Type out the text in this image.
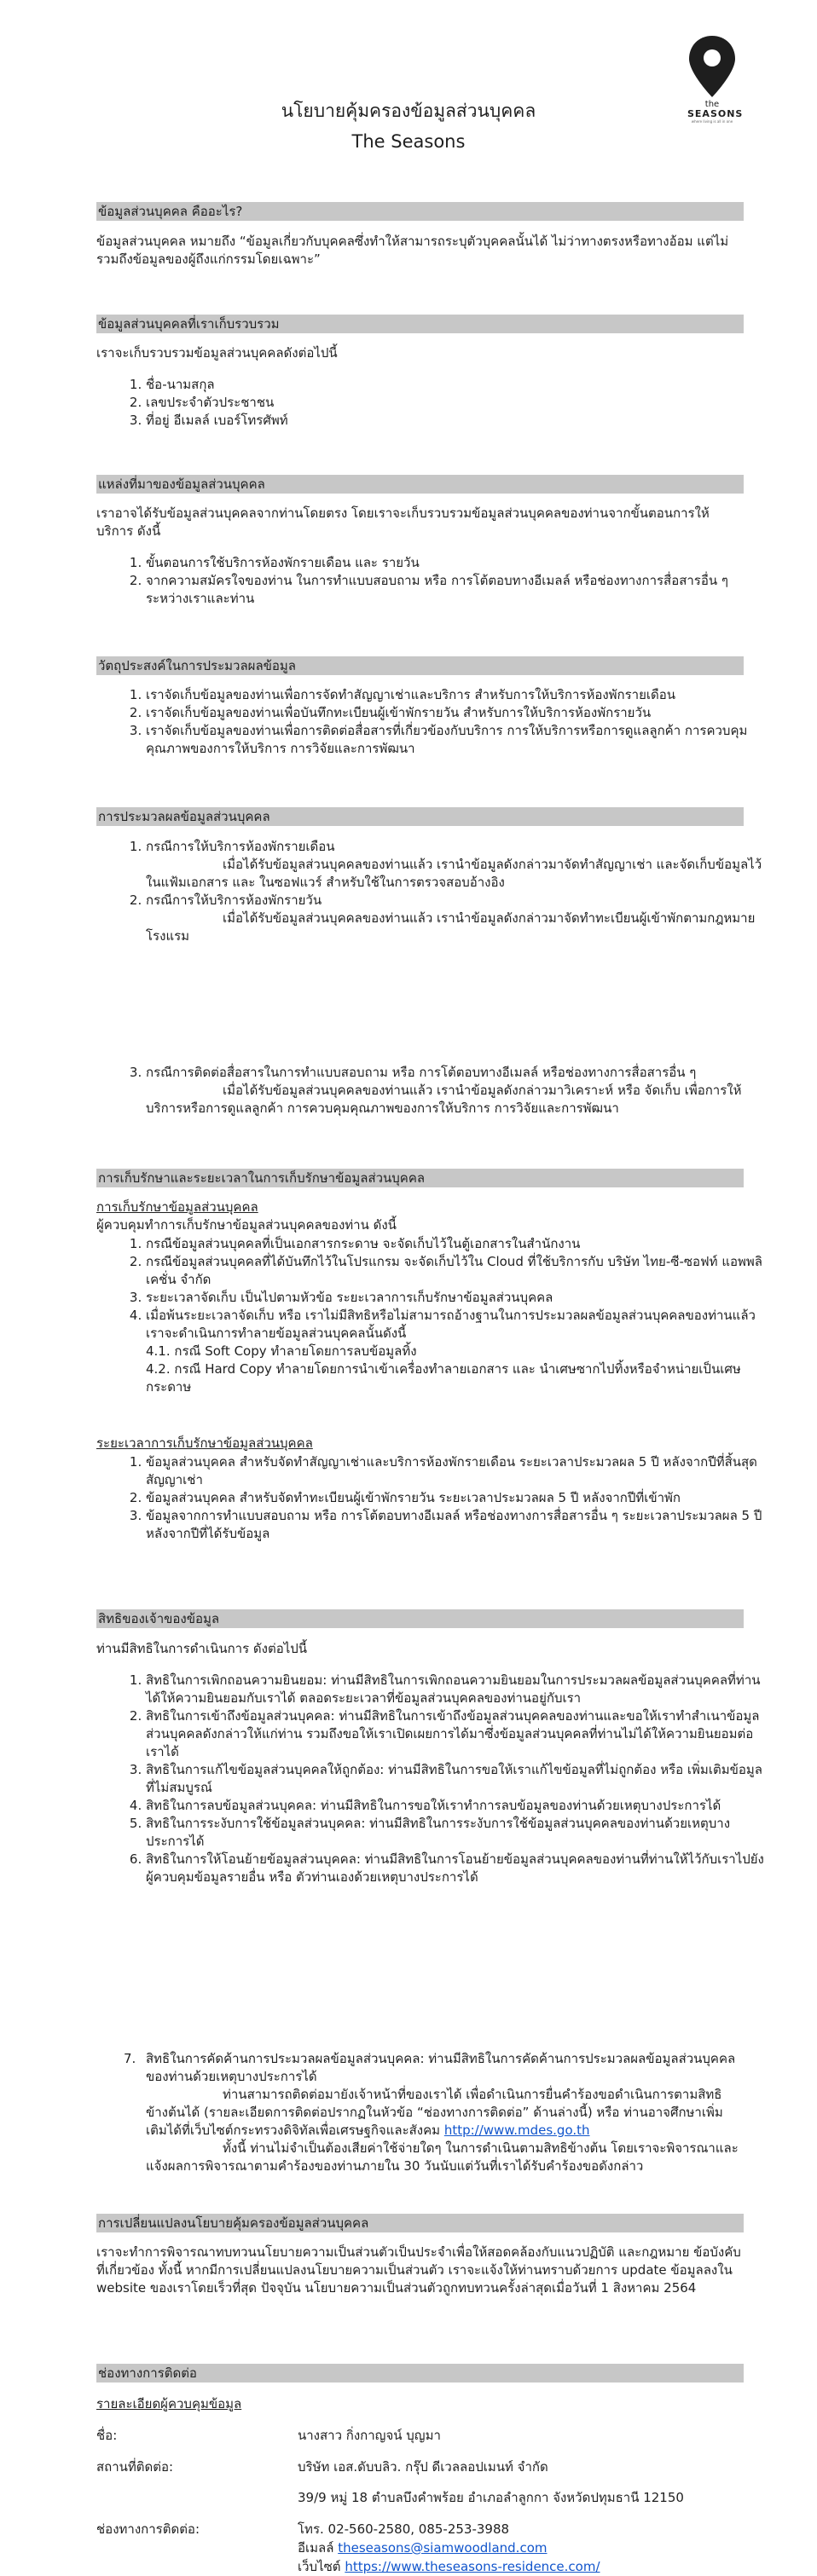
the
SEASONS
where living is all in one
นโยบายคุ้มครองข้อมูลส่วนบุคคล
The Seasons
ข้อมูลส่วนบุคคล คืออะไร?
ข้อมูลส่วนบุคคล หมายถึง “ข้อมูลเกี่ยวกับบุคคลซึ่งทำให้สามารถระบุตัวบุคคลนั้นได้ ไม่ว่าทางตรงหรือทางอ้อม แต่ไม่รวมถึงข้อมูลของผู้ถึงแก่กรรมโดยเฉพาะ”
ข้อมูลส่วนบุคคลที่เราเก็บรวบรวม
เราจะเก็บรวบรวมข้อมูลส่วนบุคคลดังต่อไปนี้
1. ชื่อ-นามสกุล
2. เลขประจำตัวประชาชน
3. ที่อยู่ อีเมลล์ เบอร์โทรศัพท์
แหล่งที่มาของข้อมูลส่วนบุคคล
เราอาจได้รับข้อมูลส่วนบุคคลจากท่านโดยตรง โดยเราจะเก็บรวบรวมข้อมูลส่วนบุคคลของท่านจากขั้นตอนการให้บริการ ดังนี้
1. ขั้นตอนการใช้บริการห้องพักรายเดือน และ รายวัน
2. จากความสมัครใจของท่าน ในการทำแบบสอบถาม หรือ การโต้ตอบทางอีเมลล์ หรือช่องทางการสื่อสารอื่น ๆ ระหว่างเราและท่าน
วัตถุประสงค์ในการประมวลผลข้อมูล
1. เราจัดเก็บข้อมูลของท่านเพื่อการจัดทำสัญญาเช่าและบริการ สำหรับการให้บริการห้องพักรายเดือน
2. เราจัดเก็บข้อมูลของท่านเพื่อบันทึกทะเบียนผู้เข้าพักรายวัน สำหรับการให้บริการห้องพักรายวัน
3. เราจัดเก็บข้อมูลของท่านเพื่อการติดต่อสื่อสารที่เกี่ยวข้องกับบริการ การให้บริการหรือการดูแลลูกค้า การควบคุมคุณภาพของการให้บริการ การวิจัยและการพัฒนา
การประมวลผลข้อมูลส่วนบุคคล
1. กรณีการให้บริการห้องพักรายเดือน
เมื่อได้รับข้อมูลส่วนบุคคลของท่านแล้ว เรานำข้อมูลดังกล่าวมาจัดทำสัญญาเช่า และจัดเก็บข้อมูลไว้ในแฟ้มเอกสาร และ ในซอฟแวร์ สำหรับใช้ในการตรวจสอบอ้างอิง
2. กรณีการให้บริการห้องพักรายวัน
เมื่อได้รับข้อมูลส่วนบุคคลของท่านแล้ว เรานำข้อมูลดังกล่าวมาจัดทำทะเบียนผู้เข้าพักตามกฎหมายโรงแรม
3. กรณีการติดต่อสื่อสารในการทำแบบสอบถาม หรือ การโต้ตอบทางอีเมลล์ หรือช่องทางการสื่อสารอื่น ๆ
เมื่อได้รับข้อมูลส่วนบุคคลของท่านแล้ว เรานำข้อมูลดังกล่าวมาวิเคราะห์ หรือ จัดเก็บ เพื่อการให้บริการหรือการดูแลลูกค้า การควบคุมคุณภาพของการให้บริการ การวิจัยและการพัฒนา
การเก็บรักษาและระยะเวลาในการเก็บรักษาข้อมูลส่วนบุคคล
การเก็บรักษาข้อมูลส่วนบุคคล
ผู้ควบคุมทำการเก็บรักษาข้อมูลส่วนบุคคลของท่าน ดังนี้
1. กรณีข้อมูลส่วนบุคคลที่เป็นเอกสารกระดาษ จะจัดเก็บไว้ในตู้เอกสารในสำนักงาน
2. กรณีข้อมูลส่วนบุคคลที่ได้บันทึกไว้ในโปรแกรม จะจัดเก็บไว้ใน Cloud ที่ใช้บริการกับ บริษัท ไทย-ซี-ซอฟท์ แอพพลิเคชั่น จำกัด
3. ระยะเวลาจัดเก็บ เป็นไปตามหัวข้อ ระยะเวลาการเก็บรักษาข้อมูลส่วนบุคคล
4. เมื่อพ้นระยะเวลาจัดเก็บ หรือ เราไม่มีสิทธิหรือไม่สามารถอ้างฐานในการประมวลผลข้อมูลส่วนบุคคลของท่านแล้ว เราจะดำเนินการทำลายข้อมูลส่วนบุคคลนั้นดังนี้
4.1. กรณี Soft Copy ทำลายโดยการลบข้อมูลทิ้ง
4.2. กรณี Hard Copy ทำลายโดยการนำเข้าเครื่องทำลายเอกสาร และ นำเศษซากไปทิ้งหรือจำหน่ายเป็นเศษกระดาษ
ระยะเวลาการเก็บรักษาข้อมูลส่วนบุคคล
1. ข้อมูลส่วนบุคคล สำหรับจัดทำสัญญาเช่าและบริการห้องพักรายเดือน ระยะเวลาประมวลผล 5 ปี หลังจากปีที่สิ้นสุดสัญญาเช่า
2. ข้อมูลส่วนบุคคล สำหรับจัดทำทะเบียนผู้เข้าพักรายวัน ระยะเวลาประมวลผล 5 ปี หลังจากปีที่เข้าพัก
3. ข้อมูลจากการทำแบบสอบถาม หรือ การโต้ตอบทางอีเมลล์ หรือช่องทางการสื่อสารอื่น ๆ ระยะเวลาประมวลผล 5 ปี หลังจากปีที่ได้รับข้อมูล
สิทธิของเจ้าของข้อมูล
ท่านมีสิทธิในการดำเนินการ ดังต่อไปนี้
1. สิทธิในการเพิกถอนความยินยอม: ท่านมีสิทธิในการเพิกถอนความยินยอมในการประมวลผลข้อมูลส่วนบุคคลที่ท่านได้ให้ความยินยอมกับเราได้ ตลอดระยะเวลาที่ข้อมูลส่วนบุคคลของท่านอยู่กับเรา
2. สิทธิในการเข้าถึงข้อมูลส่วนบุคคล: ท่านมีสิทธิในการเข้าถึงข้อมูลส่วนบุคคลของท่านและขอให้เราทำสำเนาข้อมูลส่วนบุคคลดังกล่าวให้แก่ท่าน รวมถึงขอให้เราเปิดเผยการได้มาซึ่งข้อมูลส่วนบุคคลที่ท่านไม่ได้ให้ความยินยอมต่อเราได้
3. สิทธิในการแก้ไขข้อมูลส่วนบุคคลให้ถูกต้อง: ท่านมีสิทธิในการขอให้เราแก้ไขข้อมูลที่ไม่ถูกต้อง หรือ เพิ่มเติมข้อมูลที่ไม่สมบูรณ์
4. สิทธิในการลบข้อมูลส่วนบุคคล: ท่านมีสิทธิในการขอให้เราทำการลบข้อมูลของท่านด้วยเหตุบางประการได้
5. สิทธิในการระงับการใช้ข้อมูลส่วนบุคคล: ท่านมีสิทธิในการระงับการใช้ข้อมูลส่วนบุคคลของท่านด้วยเหตุบางประการได้
6. สิทธิในการให้โอนย้ายข้อมูลส่วนบุคคล: ท่านมีสิทธิในการโอนย้ายข้อมูลส่วนบุคคลของท่านที่ท่านให้ไว้กับเราไปยังผู้ควบคุมข้อมูลรายอื่น หรือ ตัวท่านเองด้วยเหตุบางประการได้
7. สิทธิในการคัดค้านการประมวลผลข้อมูลส่วนบุคคล: ท่านมีสิทธิในการคัดค้านการประมวลผลข้อมูลส่วนบุคคลของท่านด้วยเหตุบางประการได้
ท่านสามารถติดต่อมายังเจ้าหน้าที่ของเราได้ เพื่อดำเนินการยื่นคำร้องขอดำเนินการตามสิทธิข้างต้นได้ (รายละเอียดการติดต่อปรากฏในหัวข้อ “ช่องทางการติดต่อ” ด้านล่างนี้) หรือ ท่านอาจศึกษาเพิ่มเติมได้ที่เว็บไซต์กระทรวงดิจิทัลเพื่อเศรษฐกิจและสังคม http://www.mdes.go.th
ทั้งนี้ ท่านไม่จำเป็นต้องเสียค่าใช้จ่ายใดๆ ในการดำเนินตามสิทธิข้างต้น โดยเราจะพิจารณาและแจ้งผลการพิจารณาตามคำร้องของท่านภายใน 30 วันนับแต่วันที่เราได้รับคำร้องขอดังกล่าว
การเปลี่ยนแปลงนโยบายคุ้มครองข้อมูลส่วนบุคคล
เราจะทำการพิจารณาทบทวนนโยบายความเป็นส่วนตัวเป็นประจำเพื่อให้สอดคล้องกับแนวปฏิบัติ และกฎหมาย ข้อบังคับที่เกี่ยวข้อง ทั้งนี้ หากมีการเปลี่ยนแปลงนโยบายความเป็นส่วนตัว เราจะแจ้งให้ท่านทราบด้วยการ update ข้อมูลลงใน website ของเราโดยเร็วที่สุด ปัจจุบัน นโยบายความเป็นส่วนตัวถูกทบทวนครั้งล่าสุดเมื่อวันที่ 1 สิงหาคม 2564
ช่องทางการติดต่อ
รายละเอียดผู้ควบคุมข้อมูล
ชื่อ:	นางสาว กิ่งกาญจน์ บุญมา
สถานที่ติดต่อ:	บริษัท เอส.ดับบลิว. กรุ๊ป ดีเวลลอปเมนท์ จำกัด
39/9 หมู่ 18 ตำบลบึงคำพร้อย อำเภอลำลูกกา จังหวัดปทุมธานี 12150
ช่องทางการติดต่อ:	โทร. 02-560-2580, 085-253-3988
อีเมลล์ theseasons@siamwoodland.com
เว็บไซต์ https://www.theseasons-residence.com/
